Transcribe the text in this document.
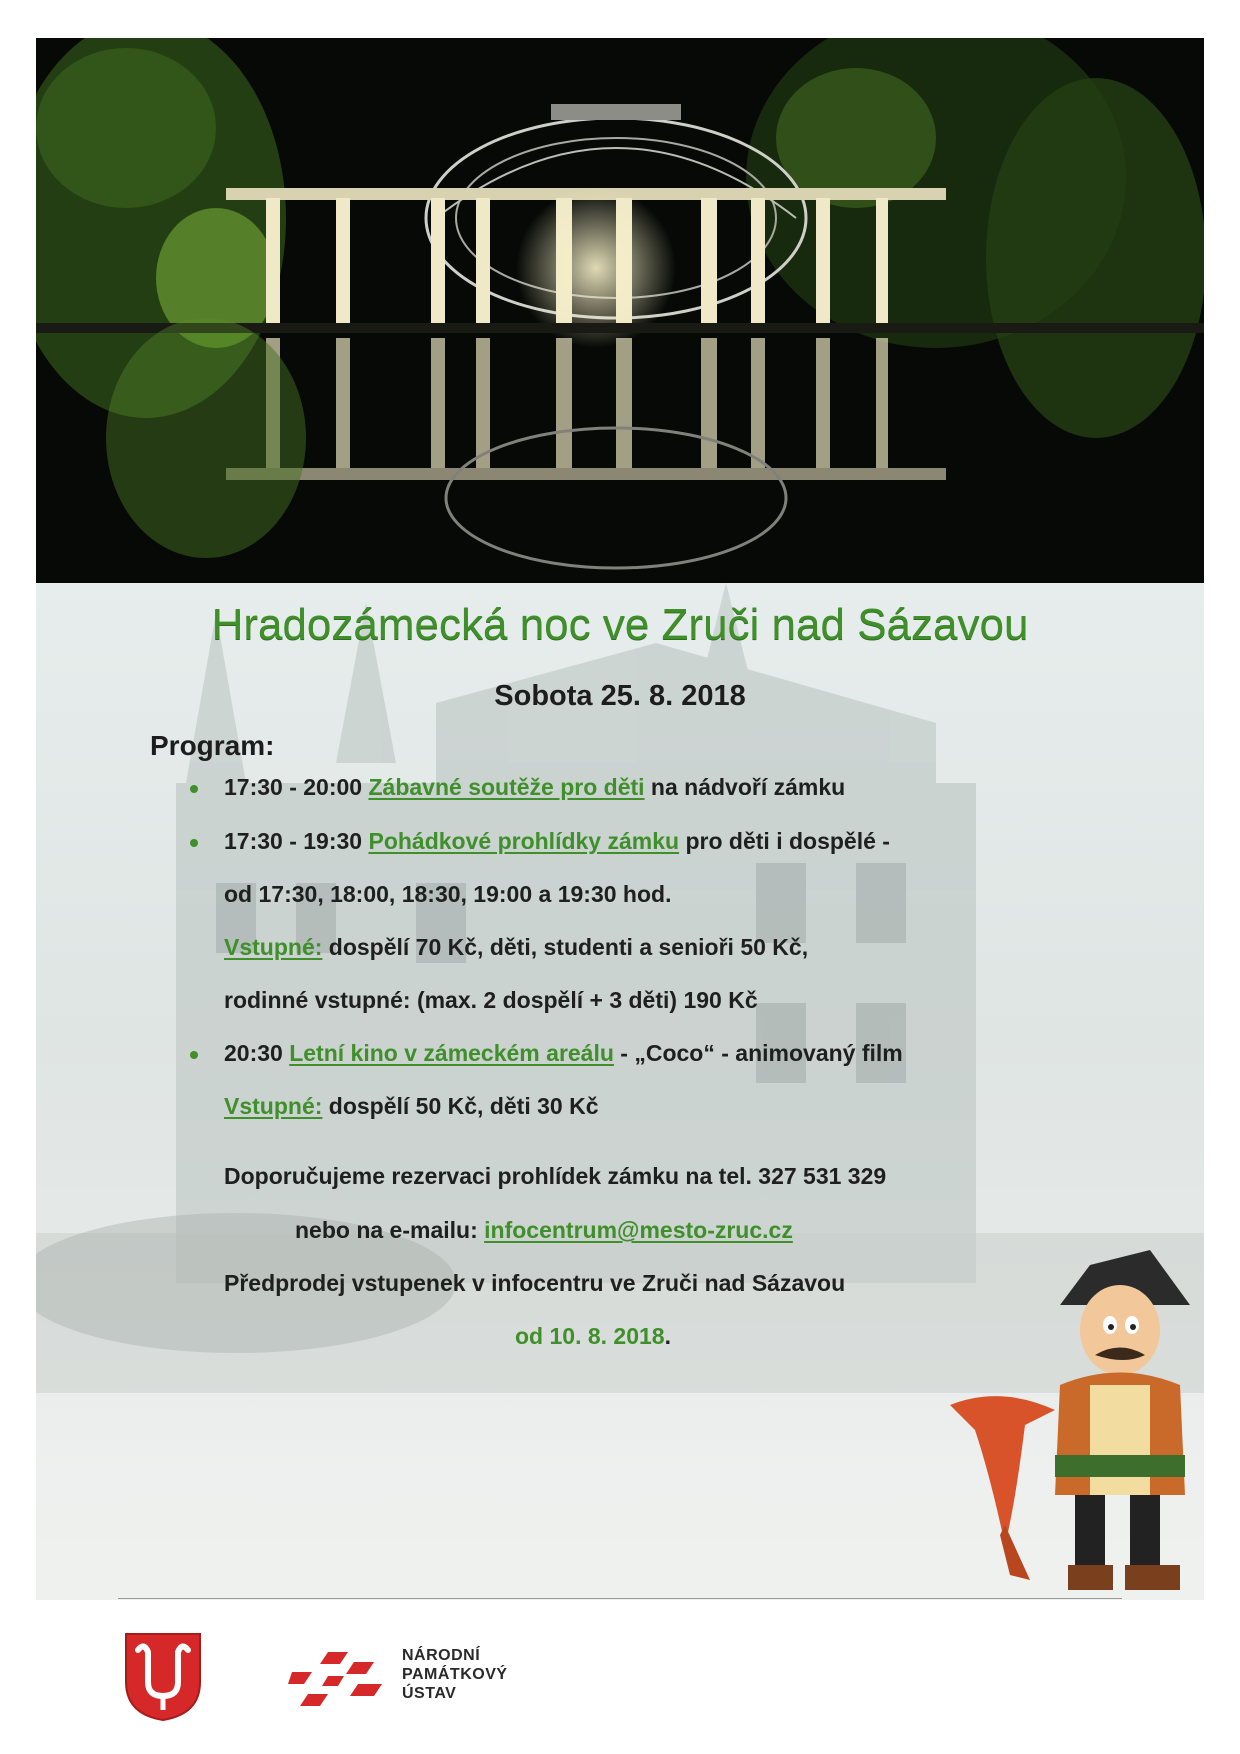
Hradozámecká noc ve Zruči nad Sázavou

Sobota 25. 8. 2018

Program:

17:30 - 20:00 Zábavné soutěže pro děti na nádvoří zámku
17:30 - 19:30 Pohádkové prohlídky zámku pro děti i dospělé -
od 17:30, 18:00, 18:30, 19:00 a 19:30 hod.
Vstupné: dospělí 70 Kč, děti, studenti a senioři 50 Kč,
rodinné vstupné: (max. 2 dospělí + 3 děti) 190 Kč
20:30 Letní kino v zámeckém areálu - „Coco“ - animovaný film
Vstupné: dospělí 50 Kč, děti 30 Kč
Doporučujeme rezervaci prohlídek zámku na tel. 327 531 329
nebo na e-mailu: infocentrum@mesto-zruc.cz
Předprodej vstupenek v infocentru ve Zruči nad Sázavou
od 10. 8. 2018.
NÁRODNÍ
PAMÁTKOVÝ
ÚSTAV
